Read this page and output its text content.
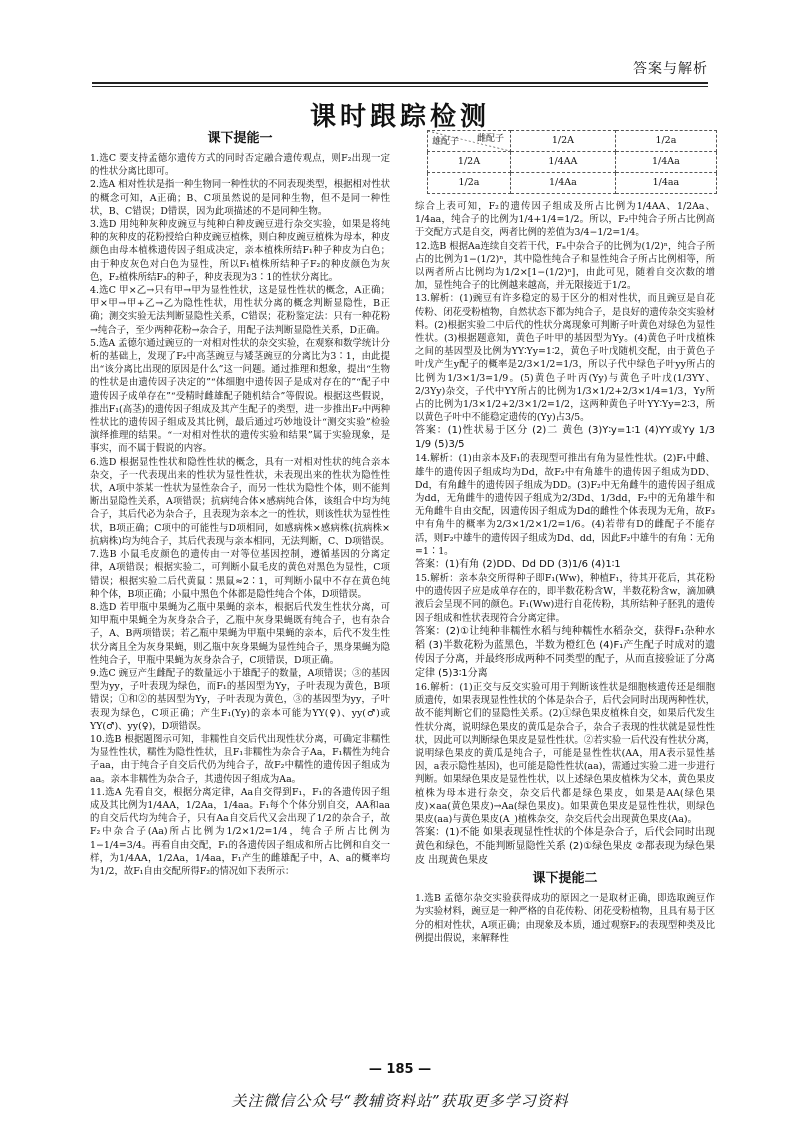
答案与解析
课时跟踪检测
课下提能一
1.选C 要支持孟德尔遗传方式的同时否定融合遗传观点，则F₂出现一定的性状分离比即可。
2.选A 相对性状是指一种生物同一种性状的不同表现类型，根据相对性状的概念可知，A正确；B、C项虽然说的是同种生物，但不是同一种性状，B、C错误；D错误，因为此项描述的不是同种生物。
3.选D 用纯种灰种皮豌豆与纯种白种皮豌豆进行杂交实验，如果是将纯种的灰种皮的花粉授给白种皮豌豆植株，则白种皮豌豆植株为母本，种皮颜色由母本植株遗传因子组成决定，亲本植株所结F₁种子种皮为白色；由于种皮灰色对白色为显性，所以F₁植株所结种子F₂的种皮颜色为灰色，F₂植株所结F₃的种子，种皮表现为3∶1的性状分离比。
4.选C 甲×乙→只有甲→甲为显性性状，这是显性性状的概念，A正确；甲×甲→甲+乙→乙为隐性性状，用性状分离的概念判断显隐性，B正确；测交实验无法判断显隐性关系，C错误；花粉鉴定法：只有一种花粉→纯合子，至少两种花粉→杂合子，用配子法判断显隐性关系，D正确。
5.选A 孟德尔通过豌豆的一对相对性状的杂交实验，在观察和数学统计分析的基础上，发现了F₂中高茎豌豆与矮茎豌豆的分离比为3∶1，由此提出“该分离比出现的原因是什么”这一问题。通过推理和想象，提出“生物的性状是由遗传因子决定的”“体细胞中遗传因子是成对存在的”“配子中遗传因子成单存在”“受精时雌雄配子随机结合”等假说。根据这些假说，推出F₁(高茎)的遗传因子组成及其产生配子的类型，进一步推出F₂中两种性状比的遗传因子组成及其比例，最后通过巧妙地设计“测交实验”检验演绎推理的结果。“一对相对性状的遗传实验和结果”属于实验现象，是事实，而不属于假说的内容。
6.选D 根据显性性状和隐性性状的概念，具有一对相对性状的纯合亲本杂交，子一代表现出来的性状为显性性状，未表现出来的性状为隐性性状，A项中茶某一性状为显性杂合子，而另一性状为隐性个体，则不能判断出显隐性关系，A项错误；抗病纯合体×感病纯合体，该组合中均为纯合子，其后代必为杂合子，且表现为亲本之一的性状，则该性状为显性性状，B项正确；C项中的可能性与D项相同，如感病株×感病株(抗病株×抗病株)均为纯合子，其后代表现与亲本相同，无法判断，C、D项错误。
7.选B 小鼠毛皮颜色的遗传由一对等位基因控制，遵循基因的分离定律，A项错误；根据实验二，可判断小鼠毛皮的黄色对黑色为显性，C项错误；根据实验二后代黄鼠∶黑鼠≈2∶1，可判断小鼠中不存在黄色纯种个体，B项正确；小鼠中黑色个体都是隐性纯合个体，D项错误。
8.选D 若甲瓶中果蝇为乙瓶中果蝇的亲本，根据后代发生性状分离，可知甲瓶中果蝇全为灰身杂合子，乙瓶中灰身果蝇既有纯合子，也有杂合子，A、B两项错误；若乙瓶中果蝇为甲瓶中果蝇的亲本，后代不发生性状分离且全为灰身果蝇，则乙瓶中灰身果蝇为显性纯合子，黑身果蝇为隐性纯合子，甲瓶中果蝇为灰身杂合子，C项错误，D项正确。
9.选C 豌豆产生雌配子的数量远小于雄配子的数量，A项错误；③的基因型为yy，子叶表现为绿色，而F₁的基因型为Yy，子叶表现为黄色，B项错误；①和②的基因型为Yy，子叶表现为黄色，③的基因型为yy，子叶表现为绿色，C项正确；产生F₁(Yy)的亲本可能为YY(♀)、yy(♂)或YY(♂)、yy(♀)，D项错误。
10.选B 根据题图示可知，非糯性自交后代出现性状分离，可确定非糯性为显性性状，糯性为隐性性状，且F₁非糯性为杂合子Aa，F₁糯性为纯合子aa，由于纯合子自交后代仍为纯合子，故F₂中糯性的遗传因子组成为aa。亲本非糯性为杂合子，其遗传因子组成为Aa。
11.选A 先看自交，根据分离定律，Aa自交得到F₁，F₁的各遗传因子组成及其比例为1/4AA，1/2Aa，1/4aa。F₁每个个体分别自交，AA和aa的自交后代均为纯合子，只有Aa自交后代又会出现了1/2的杂合子，故F₂中杂合子(Aa)所占比例为1/2×1/2=1/4，纯合子所占比例为1−1/4=3/4。再看自由交配，F₁的各遗传因子组成和所占比例和自交一样，为1/4AA，1/2Aa，1/4aa，F₁产生的雌雄配子中，A、a的概率均为1/2，故F₁自由交配所得F₂的情况如下表所示：
雌配子
雄配子	1/2A	1/2a
1/2A	1/4AA	1/4Aa
1/2a	1/4Aa	1/4aa
综合上表可知，F₂的遗传因子组成及所占比例为1/4AA、1/2Aa、1/4aa，纯合子的比例为1/4+1/4=1/2。所以，F₂中纯合子所占比例高于交配方式是自交，两者比例的差值为3/4−1/2=1/4。
12.选B 根据Aa连续自交若干代，Fₙ中杂合子的比例为(1/2)ⁿ，纯合子所占的比例为1−(1/2)ⁿ，其中隐性纯合子和显性纯合子所占比例相等，所以两者所占比例均为1/2×[1−(1/2)ⁿ]，由此可见，随着自交次数的增加，显性纯合子的比例越来越高，并无限接近于1/2。
13.解析：(1)豌豆有许多稳定的易于区分的相对性状，而且豌豆是自花传粉、闭花受粉植物，自然状态下都为纯合子，是良好的遗传杂交实验材料。(2)根据实验二中后代的性状分离现象可判断子叶黄色对绿色为显性性状。(3)根据题意知，黄色子叶甲的基因型为Yy。(4)黄色子叶戊植株之间的基因型及比例为YY∶Yy=1∶2，黄色子叶戊随机交配，由于黄色子叶戊产生y配子的概率是2/3×1/2=1/3，所以子代中绿色子叶yy所占的比例为1/3×1/3=1/9。(5)黄色子叶丙(Yy)与黄色子叶戊(1/3YY、2/3Yy)杂交，子代中YY所占的比例为1/3×1/2+2/3×1/4=1/3，Yy所占的比例为1/3×1/2+2/3×1/2=1/2，这两种黄色子叶YY∶Yy=2∶3，所以黄色子叶中不能稳定遗传的(Yy)占3/5。
答案：(1)性状易于区分 (2)二 黄色 (3)Y∶y=1∶1 (4)YY或Yy 1/3 1/9 (5)3/5
14.解析：(1)由亲本及F₁的表现型可推出有角为显性性状。(2)F₁中雌、雄牛的遗传因子组成均为Dd，故F₂中有角雄牛的遗传因子组成为DD、Dd，有角雌牛的遗传因子组成为DD。(3)F₂中无角雌牛的遗传因子组成为dd，无角雌牛的遗传因子组成为2/3Dd、1/3dd，F₂中的无角雄牛和无角雌牛自由交配，因遗传因子组成为Dd的雌性个体表现为无角，故F₃中有角牛的概率为2/3×1/2×1/2=1/6。(4)若带有D的雌配子不能存活，则F₂中雄牛的遗传因子组成为Dd、dd，因此F₂中雄牛的有角∶无角=1∶1。
答案：(1)有角 (2)DD、Dd DD (3)1/6 (4)1∶1
15.解析：亲本杂交所得种子即F₁(Ww)，种植F₁，待其开花后，其花粉中的遗传因子应是成单存在的，即半数花粉含W，半数花粉含w，滴加碘液后会呈现不同的颜色。F₁(Ww)进行自花传粉，其所结种子胚乳的遗传因子组成和性状表现符合分离定律。
答案：(2)①让纯种非糯性水稻与纯种糯性水稻杂交，获得F₁杂种水稻 (3)半数花粉为蓝黑色，半数为橙红色 (4)F₁产生配子时成对的遗传因子分离，并最终形成两种不同类型的配子，从而直接验证了分离定律 (5)3∶1分离
16.解析：(1)正交与反交实验可用于判断该性状是细胞核遗传还是细胞质遗传，如果表现显性性状的个体是杂合子，后代会同时出现两种性状，故不能判断它们的显隐性关系。(2)①绿色果皮植株自交，如果后代发生性状分离，说明绿色果皮的黄瓜是杂合子，杂合子表现的性状就是显性性状，因此可以判断绿色果皮是显性性状。②若实验一后代没有性状分离，说明绿色果皮的黄瓜是纯合子，可能是显性性状(AA，用A表示显性基因，a表示隐性基因)，也可能是隐性性状(aa)，需通过实验二进一步进行判断。如果绿色果皮是显性性状，以上述绿色果皮植株为父本，黄色果皮植株为母本进行杂交，杂交后代都是绿色果皮，如果是AA(绿色果皮)×aa(黄色果皮)→Aa(绿色果皮)。如果黄色果皮是显性性状，则绿色果皮(aa)与黄色果皮(A_)植株杂交，杂交后代会出现黄色果皮(Aa)。
答案：(1)不能 如果表现显性性状的个体是杂合子，后代会同时出现黄色和绿色，不能判断显隐性关系 (2)①绿色果皮 ②都表现为绿色果皮 出现黄色果皮
课下提能二
1.选B 孟德尔杂交实验获得成功的原因之一是取材正确，即选取豌豆作为实验材料，豌豆是一种严格的自花传粉、闭花受粉植物，且具有易于区分的相对性状，A项正确；由现象及本质，通过观察F₂的表现型种类及比例提出假说，来解释性
— 185 —
关注微信公众号“教辅资料站”获取更多学习资料
